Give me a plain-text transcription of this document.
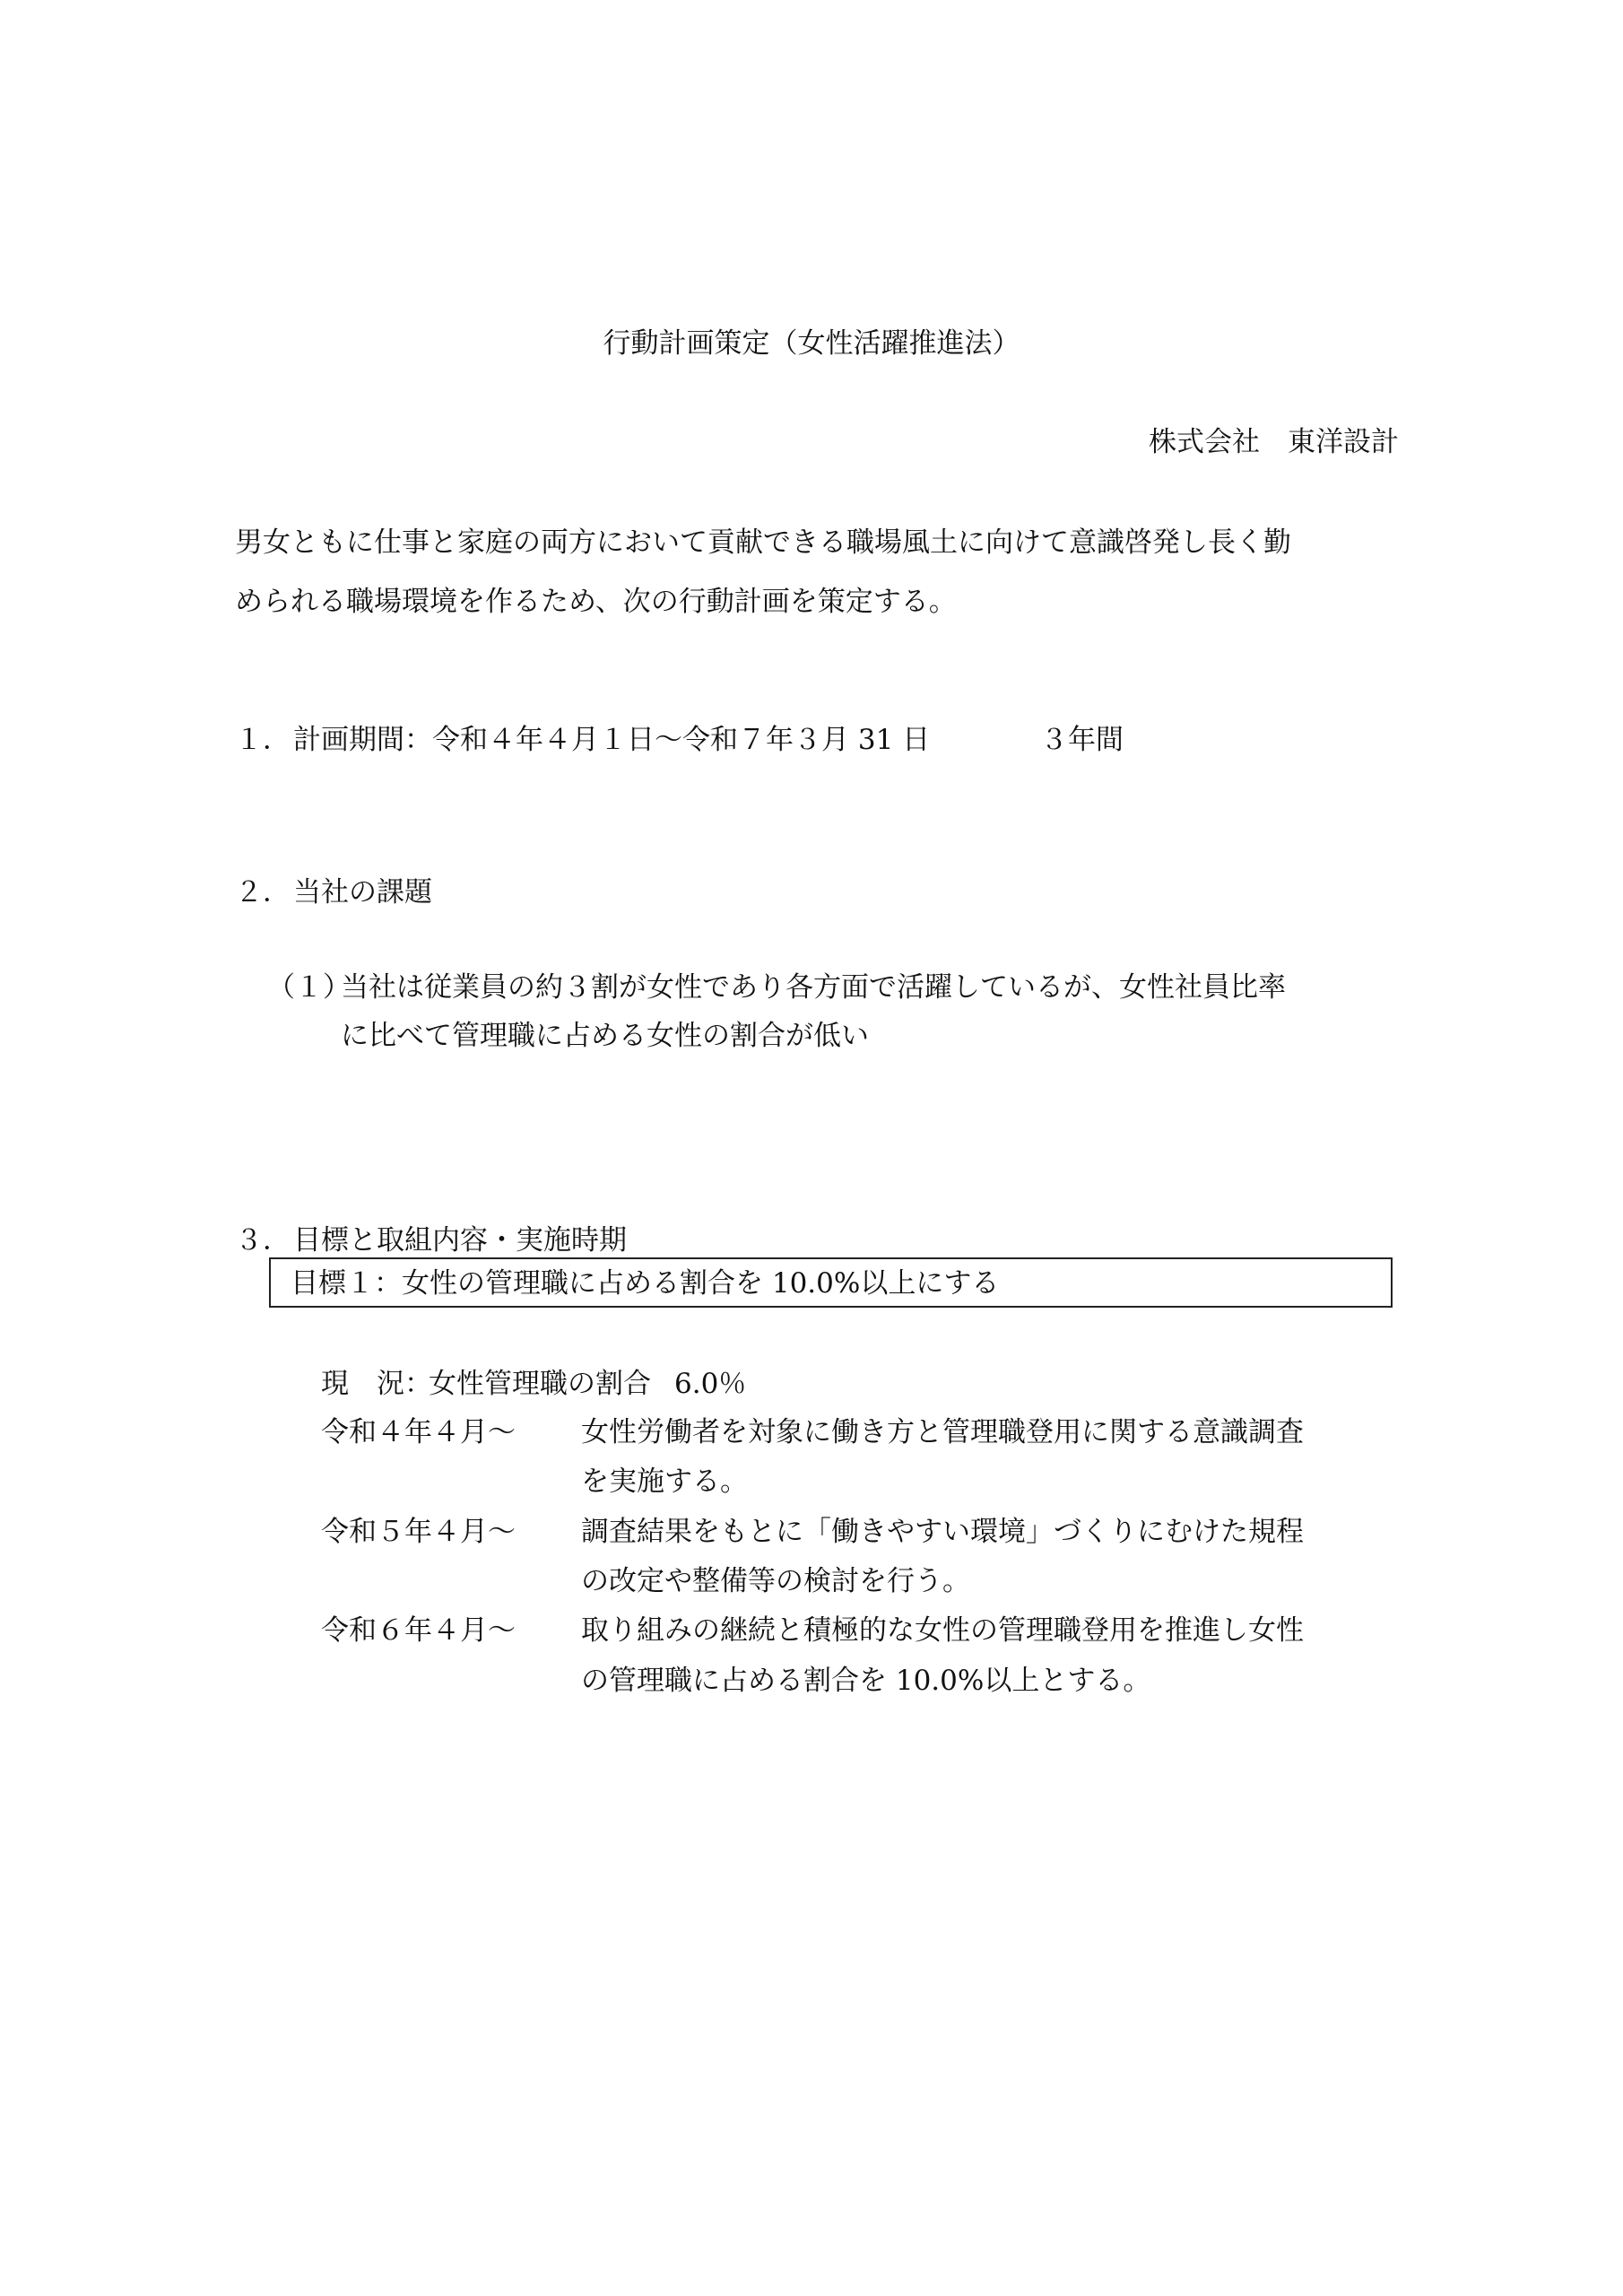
行動計画策定（女性活躍推進法）
株式会社　東洋設計
男女ともに仕事と家庭の両方において貢献できる職場風土に向けて意識啓発し長く勤
められる職場環境を作るため、次の行動計画を策定する。
１．計画期間：令和４年４月１日～令和７年３月 31 日	３年間
２．当社の課題
（１）当社は従業員の約３割が女性であり各方面で活躍しているが、女性社員比率
に比べて管理職に占める女性の割合が低い
３．目標と取組内容・実施時期
目標１：女性の管理職に占める割合を 10.0%以上にする
現　況：女性管理職の割合 6.0％
令和４年４月～ 女性労働者を対象に働き方と管理職登用に関する意識調査
を実施する。
令和５年４月～ 調査結果をもとに「働きやすい環境」づくりにむけた規程
の改定や整備等の検討を行う。
令和６年４月～ 取り組みの継続と積極的な女性の管理職登用を推進し女性
の管理職に占める割合を 10.0%以上とする。
